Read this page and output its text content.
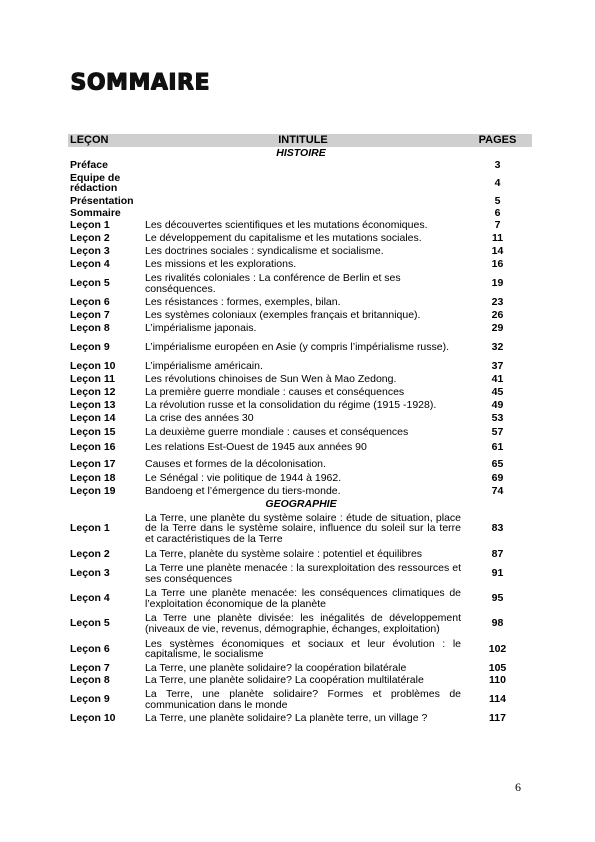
SOMMAIRE
LEÇON	INTITULE	PAGES
HISTOIRE		
Préface		3
Equipe de rédaction		4
Présentation		5
Sommaire		6
Leçon 1	Les découvertes scientifiques et les mutations économiques.	7
Leçon 2	Le développement du capitalisme et les mutations sociales.	11
Leçon 3	Les doctrines sociales : syndicalisme et socialisme.	14
Leçon 4	Les missions et les explorations.	16
Leçon 5	Les rivalités coloniales : La conférence de Berlin et ses conséquences.	19
Leçon 6	Les résistances : formes, exemples, bilan.	23
Leçon 7	Les systèmes coloniaux (exemples français et britannique).	26
Leçon 8	L’impérialisme japonais.	29
Leçon 9	L’impérialisme européen en Asie (y compris l’impérialisme russe).	32
Leçon 10	L’impérialisme américain.	37
Leçon 11	Les révolutions chinoises de Sun Wen à Mao Zedong.	41
Leçon 12	La première guerre mondiale : causes et conséquences	45
Leçon 13	La révolution russe et la consolidation du régime (1915 -1928).	49
Leçon 14	La crise des années 30	53
Leçon 15	La deuxième guerre mondiale : causes et conséquences	57
Leçon 16	Les relations Est-Ouest de 1945 aux années 90	61
Leçon 17	Causes et formes de la décolonisation.	65
Leçon 18	Le Sénégal : vie politique de 1944 à 1962.	69
Leçon 19	Bandoeng et l’émergence du tiers-monde.	74
GEOGRAPHIE		
Leçon 1	La Terre, une planète du système solaire : étude de situation, place de la Terre dans le système solaire, influence du soleil sur la terre et caractéristiques de la Terre	83
Leçon 2	La Terre, planète du système solaire : potentiel et équilibres	87
Leçon 3	La Terre une planète menacée : la surexploitation des ressources et ses conséquences	91
Leçon 4	La Terre une planète menacée: les conséquences climatiques de l’exploitation économique de la planète	95
Leçon 5	La Terre une planète divisée: les inégalités de développement (niveaux de vie, revenus, démographie, échanges, exploitation)	98
Leçon 6	Les systèmes économiques et sociaux et leur évolution : le capitalisme, le socialisme	102
Leçon 7	La Terre, une planète solidaire? la coopération bilatérale	105
Leçon 8	La Terre, une planète solidaire? La coopération multilatérale	110
Leçon 9	La Terre, une planète solidaire? Formes et problèmes de communication dans le monde	114
Leçon 10	La Terre, une planète solidaire? La planète terre, un village ?	117
6
